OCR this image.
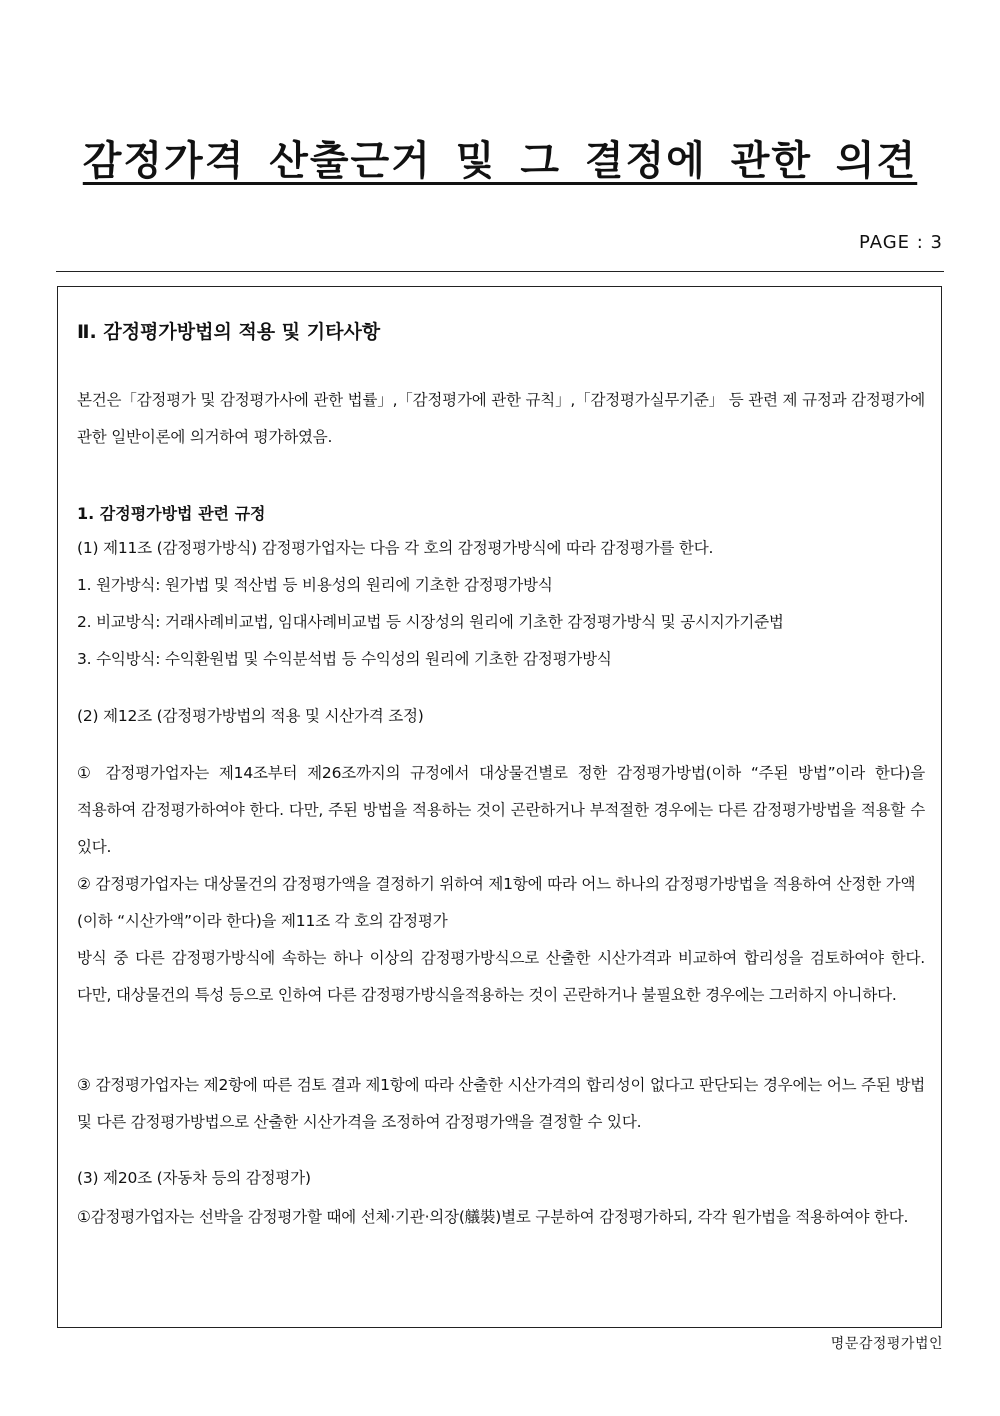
감정가격 산출근거 및 그 결정에 관한 의견
PAGE : 3
Ⅱ. 감정평가방법의 적용 및 기타사항

본건은「감정평가 및 감정평가사에 관한 법률」,「감정평가에 관한 규칙」,「감정평가실무기준」 등 관련 제 규정과 감정평가에 관한 일반이론에 의거하여 평가하였음.

1. 감정평가방법 관련 규정

(1) 제11조 (감정평가방식) 감정평가업자는 다음 각 호의 감정평가방식에 따라 감정평가를 한다.

1. 원가방식: 원가법 및 적산법 등 비용성의 원리에 기초한 감정평가방식

2. 비교방식: 거래사례비교법, 임대사례비교법 등 시장성의 원리에 기초한 감정평가방식 및 공시지가기준법

3. 수익방식: 수익환원법 및 수익분석법 등 수익성의 원리에 기초한 감정평가방식

(2) 제12조 (감정평가방법의 적용 및 시산가격 조정)

① 감정평가업자는 제14조부터 제26조까지의 규정에서 대상물건별로 정한 감정평가방법(이하 “주된 방법”이라 한다)을 적용하여 감정평가하여야 한다. 다만, 주된 방법을 적용하는 것이 곤란하거나 부적절한 경우에는 다른 감정평가방법을 적용할 수 있다.

② 감정평가업자는 대상물건의 감정평가액을 결정하기 위하여 제1항에 따라 어느 하나의 감정평가방법을 적용하여 산정한 가액(이하 “시산가액”이라 한다)을 제11조 각 호의 감정평가

방식 중 다른 감정평가방식에 속하는 하나 이상의 감정평가방식으로 산출한 시산가격과 비교하여 합리성을 검토하여야 한다. 다만, 대상물건의 특성 등으로 인하여 다른 감정평가방식을적용하는 것이 곤란하거나 불필요한 경우에는 그러하지 아니하다.

③ 감정평가업자는 제2항에 따른 검토 결과 제1항에 따라 산출한 시산가격의 합리성이 없다고 판단되는 경우에는 어느 주된 방법 및 다른 감정평가방법으로 산출한 시산가격을 조정하여 감정평가액을 결정할 수 있다.

(3) 제20조 (자동차 등의 감정평가)

①감정평가업자는 선박을 감정평가할 때에 선체·기관·의장(艤裝)별로 구분하여 감정평가하되, 각각 원가법을 적용하여야 한다.

명문감정평가법인
